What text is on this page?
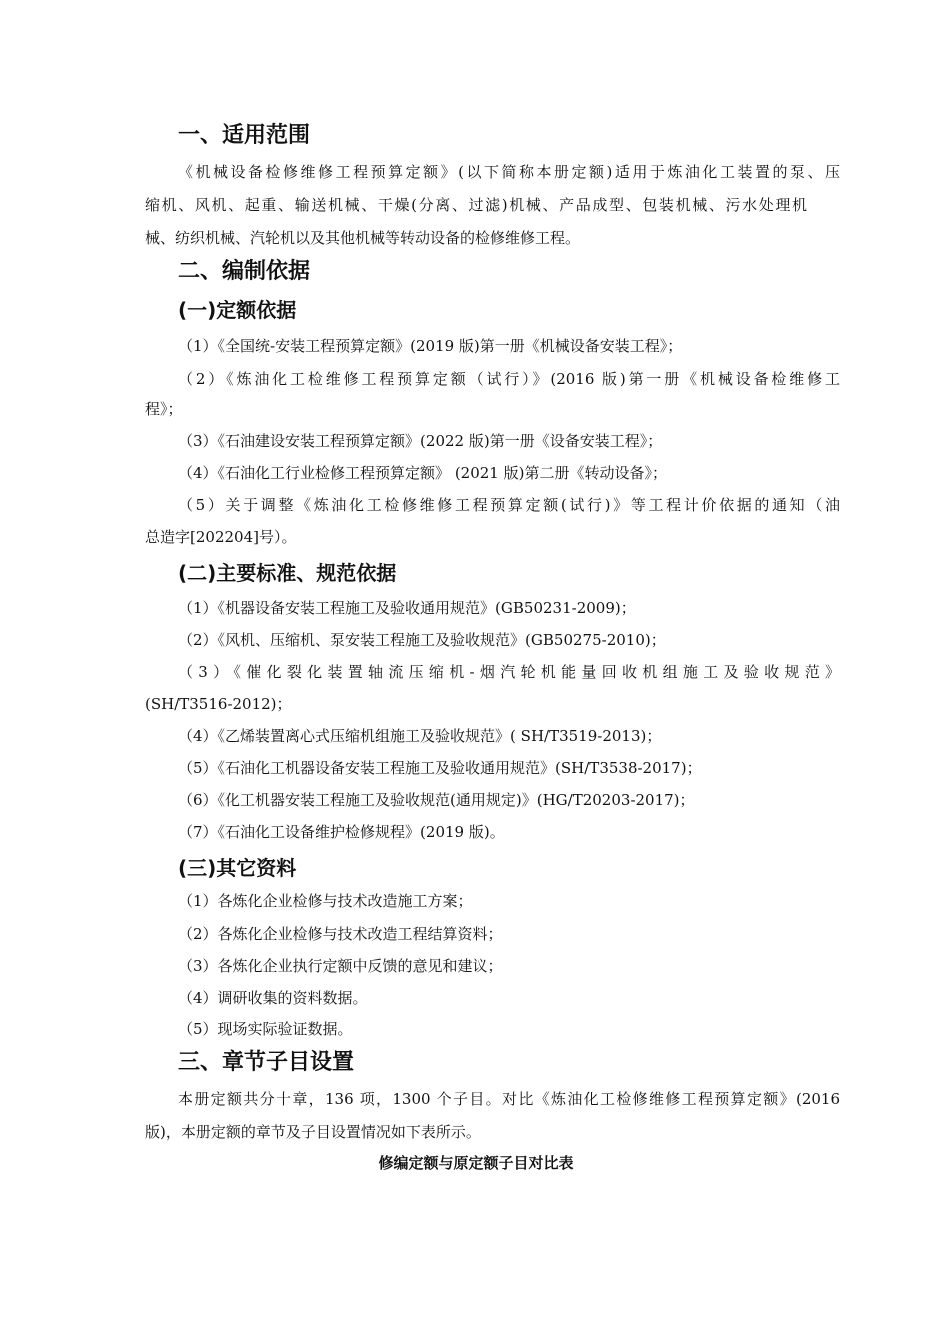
一、适用范围
《机械设备检修维修工程预算定额》(以下简称本册定额)适用于炼油化工装置的泵、压
缩机、风机、起重、输送机械、干燥(分离、过滤)机械、产品成型、包装机械、污水处理机
械、纺织机械、汽轮机以及其他机械等转动设备的检修维修工程。
二、编制依据
(一)定额依据
（1）《全国统-安装工程预算定额》(2019 版)第一册《机械设备安装工程》；
（2）《炼油化工检维修工程预算定额（试行）》(2016 版)第一册《机械设备检维修工
程》；
（3）《石油建设安装工程预算定额》(2022 版)第一册《设备安装工程》；
（4）《石油化工行业检修工程预算定额》 (2021 版)第二册《转动设备》；
（5）关于调整《炼油化工检修维修工程预算定额(试行)》等工程计价依据的通知（油
总造字[202204]号）。
(二)主要标准、规范依据
（1）《机器设备安装工程施工及验收通用规范》(GB50231-2009)；
（2）《风机、压缩机、泵安装工程施工及验收规范》(GB50275-2010)；
（3）《催化裂化装置轴流压缩机-烟汽轮机能量回收机组施工及验收规范》
(SH/T3516-2012)；
（4）《乙烯装置离心式压缩机组施工及验收规范》( SH/T3519-2013)；
（5）《石油化工机器设备安装工程施工及验收通用规范》(SH/T3538-2017)；
（6）《化工机器安装工程施工及验收规范(通用规定)》(HG/T20203-2017)；
（7）《石油化工设备维护检修规程》(2019 版)。
(三)其它资料
（1）各炼化企业检修与技术改造施工方案；
（2）各炼化企业检修与技术改造工程结算资料；
（3）各炼化企业执行定额中反馈的意见和建议；
（4）调研收集的资料数据。
（5）现场实际验证数据。
三、章节子目设置
本册定额共分十章，136 项，1300 个子目。对比《炼油化工检修维修工程预算定额》(2016
版)，本册定额的章节及子目设置情况如下表所示。
修编定额与原定额子目对比表
